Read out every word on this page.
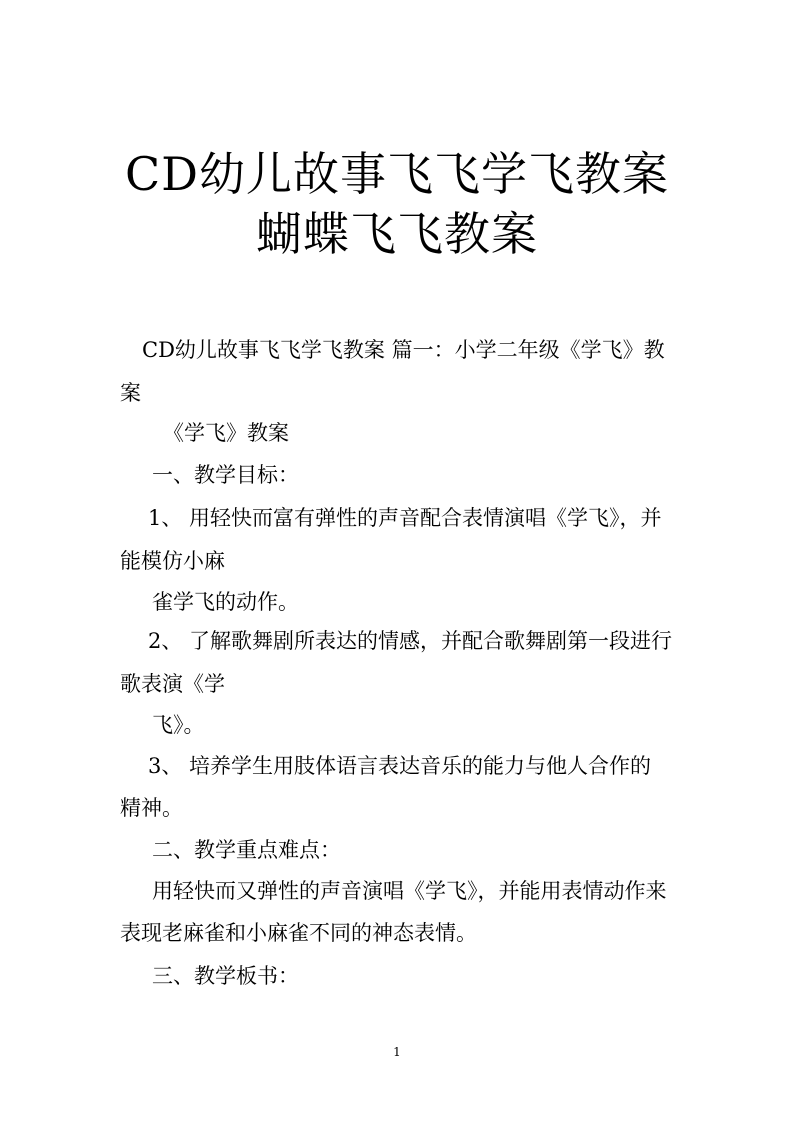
CD幼儿故事飞飞学飞教案
蝴蝶飞飞教案
CD幼儿故事飞飞学飞教案 篇一：小学二年级《学飞》教
案
《学飞》教案
一、教学目标：
1、 用轻快而富有弹性的声音配合表情演唱《学飞》，并
能模仿小麻
雀学飞的动作。
2、 了解歌舞剧所表达的情感，并配合歌舞剧第一段进行
歌表演《学
飞》。
3、 培养学生用肢体语言表达音乐的能力与他人合作的
精神。
二、教学重点难点：
用轻快而又弹性的声音演唱《学飞》，并能用表情动作来
表现老麻雀和小麻雀不同的神态表情。
三、教学板书：
1
